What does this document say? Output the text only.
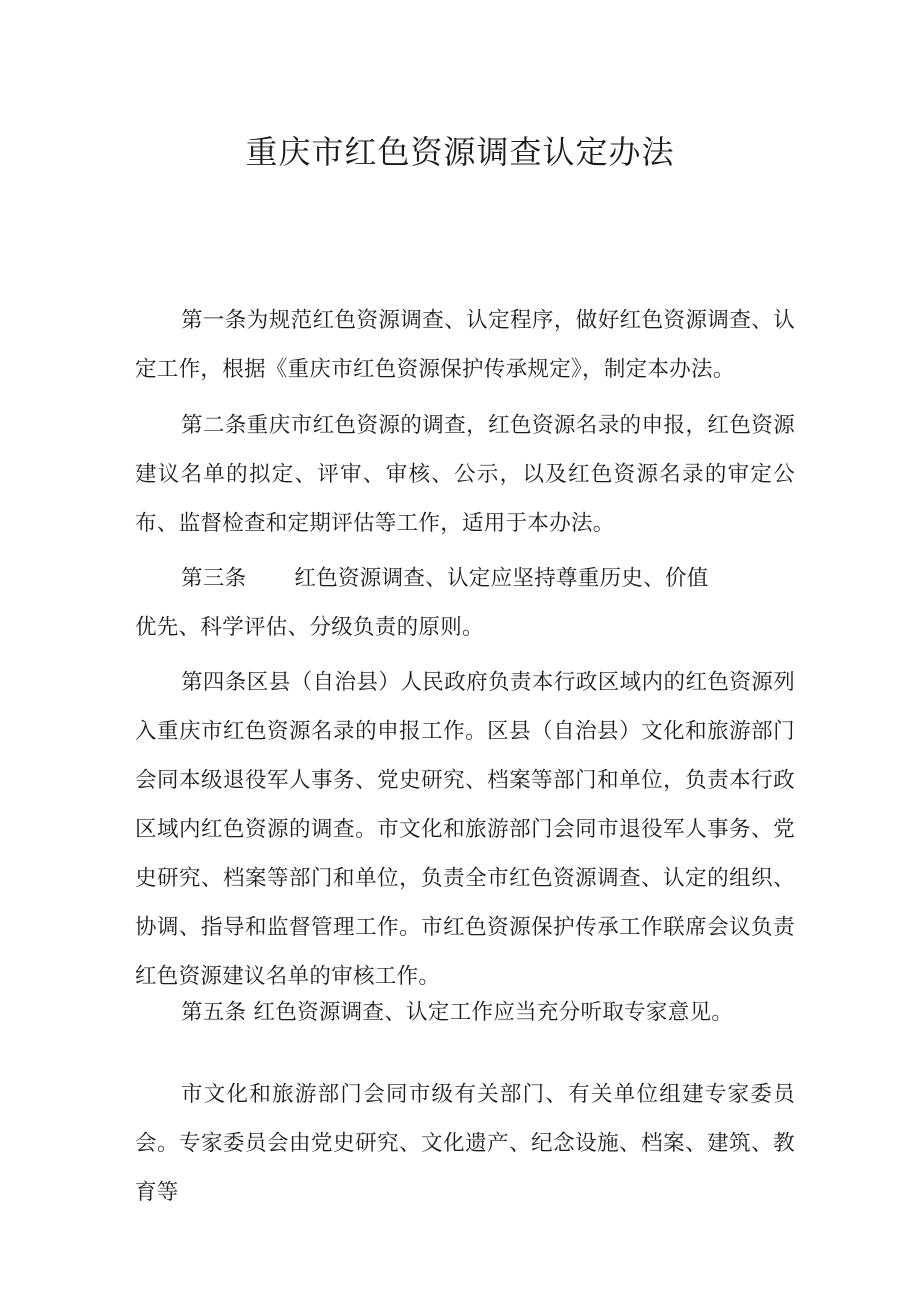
重庆市红色资源调查认定办法

第一条为规范红色资源调查、认定程序，做好红色资源调查、认定工作，根据《重庆市红色资源保护传承规定》，制定本办法。

第二条重庆市红色资源的调查，红色资源名录的申报，红色资源建议名单的拟定、评审、审核、公示，以及红色资源名录的审定公布、监督检查和定期评估等工作，适用于本办法。

第三条 红色资源调查、认定应坚持尊重历史、价值
优先、科学评估、分级负责的原则。

第四条区县（自治县）人民政府负责本行政区域内的红色资源列入重庆市红色资源名录的申报工作。区县（自治县）文化和旅游部门会同本级退役军人事务、党史研究、档案等部门和单位，负责本行政区域内红色资源的调查。市文化和旅游部门会同市退役军人事务、党史研究、档案等部门和单位，负责全市红色资源调查、认定的组织、协调、指导和监督管理工作。市红色资源保护传承工作联席会议负责红色资源建议名单的审核工作。

第五条 红色资源调查、认定工作应当充分听取专家意见。

市文化和旅游部门会同市级有关部门、有关单位组建专家委员会。专家委员会由党史研究、文化遗产、纪念设施、档案、建筑、教育等
